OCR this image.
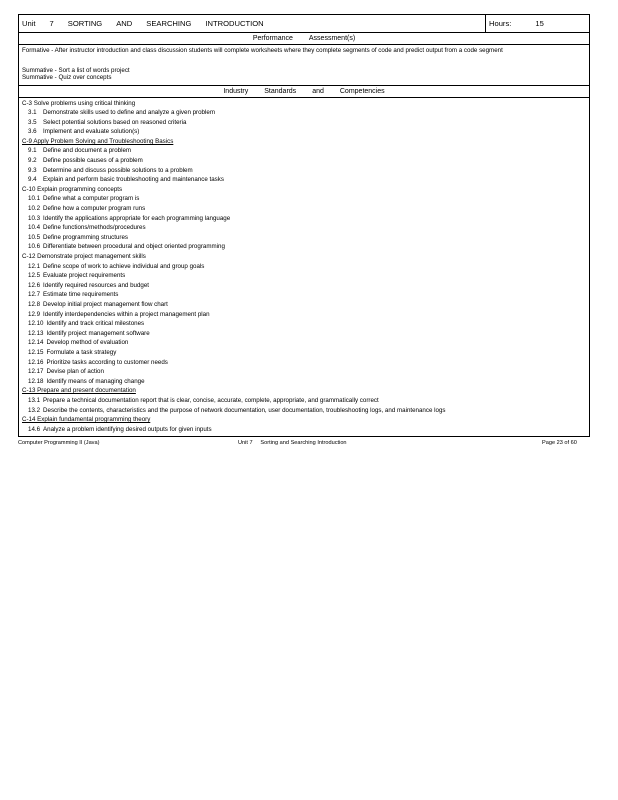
Unit 7 SORTING AND SEARCHING INTRODUCTION	Hours:	15
Performance Assessment(s)

Formative - After instructor introduction and class discussion students will complete worksheets where they complete segments of code and predict output from a code segment

Summative - Sort a list of words project

Summative - Quiz over concepts

Industry Standards and Competencies
C-3 Solve problems using critical thinking
3.1 Demonstrate skills used to define and analyze a given problem
3.5 Select potential solutions based on reasoned criteria
3.6 Implement and evaluate solution(s)
C-9 Apply Problem Solving and Troubleshooting Basics
9.1 Define and document a problem
9.2 Define possible causes of a problem
9.3 Determine and discuss possible solutions to a problem
9.4 Explain and perform basic troubleshooting and maintenance tasks
C-10 Explain programming concepts
10.1 Define what a computer program is
10.2 Define how a computer program runs
10.3 Identify the applications appropriate for each programming language
10.4 Define functions/methods/procedures
10.5 Define programming structures
10.6 Differentiate between procedural and object oriented programming
C-12 Demonstrate project management skills
12.1 Define scope of work to achieve individual and group goals
12.5 Evaluate project requirements
12.6 Identify required resources and budget
12.7 Estimate time requirements
12.8 Develop initial project management flow chart
12.9 Identify interdependencies within a project management plan
12.10 Identify and track critical milestones
12.13 Identify project management software
12.14 Develop method of evaluation
12.15 Formulate a task strategy
12.16 Prioritize tasks according to customer needs
12.17 Devise plan of action
12.18 Identify means of managing change
C-13 Prepare and present documentation
13.1 Prepare a technical documentation report that is clear, concise, accurate, complete, appropriate, and grammatically correct
13.2 Describe the contents, characteristics and the purpose of network documentation, user documentation, troubleshooting logs, and maintenance logs
C-14 Explain fundamental programming theory
14.6 Analyze a problem identifying desired outputs for given inputs
Computer Programming II (Java)	Unit 7 Sorting and Searching Introduction	Page 23 of 60
